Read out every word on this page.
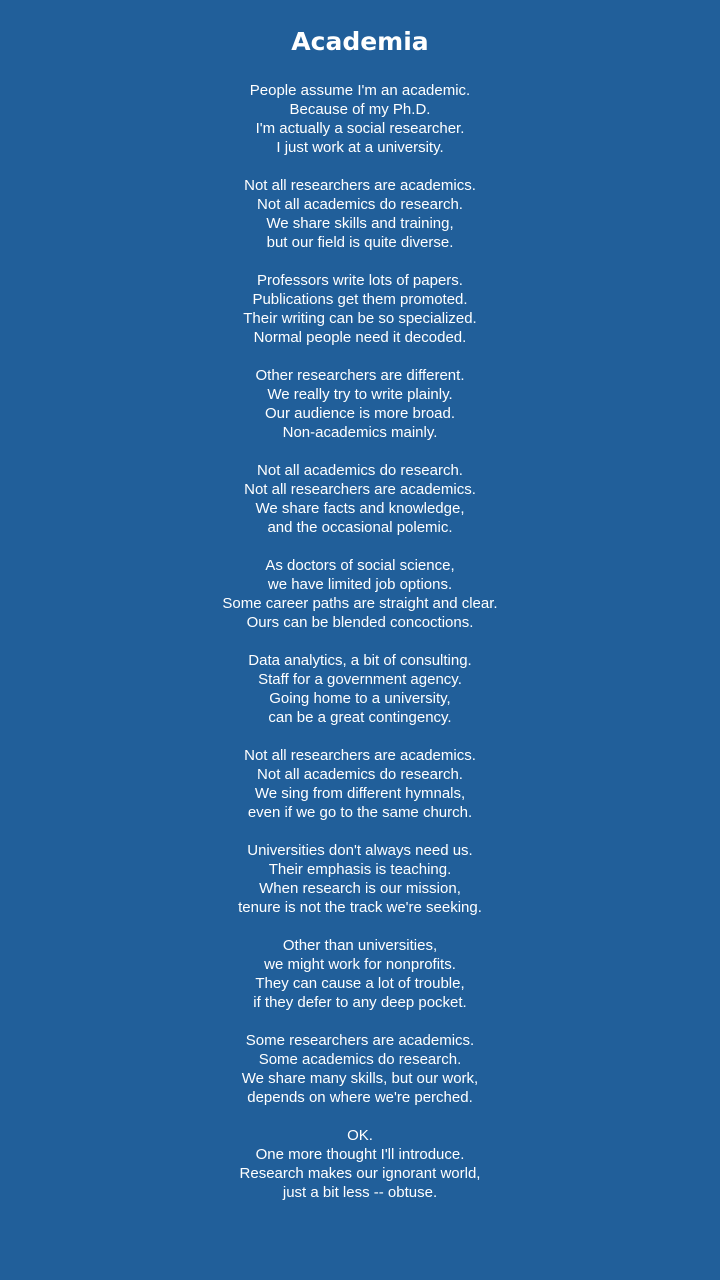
Academia
People assume I'm an academic.
Because of my Ph.D.
I'm actually a social researcher.
I just work at a university.
Not all researchers are academics.
Not all academics do research.
We share skills and training,
but our field is quite diverse.
Professors write lots of papers.
Publications get them promoted.
Their writing can be so specialized.
Normal people need it decoded.
Other researchers are different.
We really try to write plainly.
Our audience is more broad.
Non-academics mainly.
Not all academics do research.
Not all researchers are academics.
We share facts and knowledge,
and the occasional polemic.
As doctors of social science,
we have limited job options.
Some career paths are straight and clear.
Ours can be blended concoctions.
Data analytics, a bit of consulting.
Staff for a government agency.
Going home to a university,
can be a great contingency.
Not all researchers are academics.
Not all academics do research.
We sing from different hymnals,
even if we go to the same church.
Universities don't always need us.
Their emphasis is teaching.
When research is our mission,
tenure is not the track we're seeking.
Other than universities,
we might work for nonprofits.
They can cause a lot of trouble,
if they defer to any deep pocket.
Some researchers are academics.
Some academics do research.
We share many skills, but our work,
depends on where we're perched.
OK.
One more thought I'll introduce.
Research makes our ignorant world,
just a bit less -- obtuse.
